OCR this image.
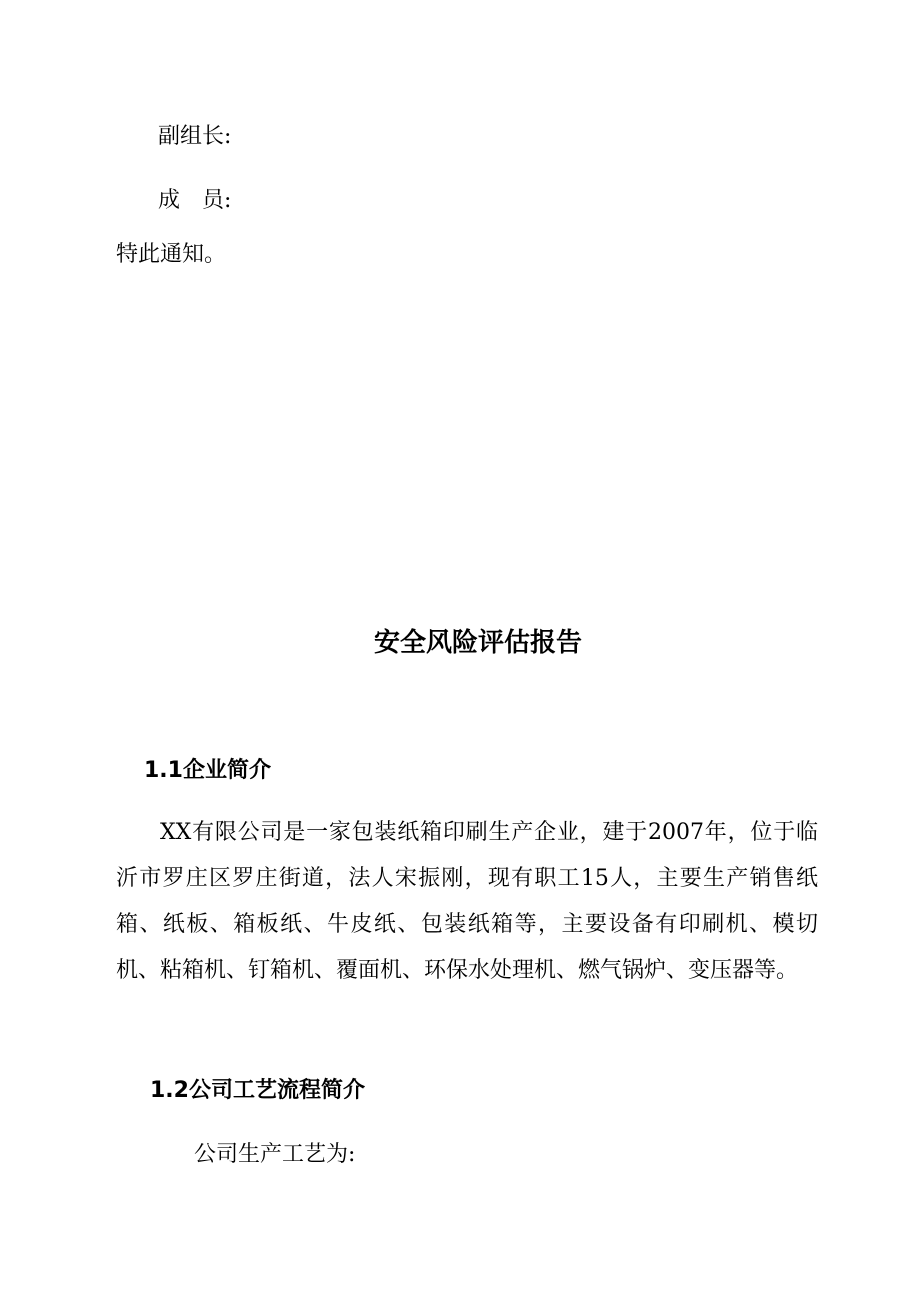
副组长:
成　员:
特此通知。
安全风险评估报告
1.1企业简介
XX有限公司是一家包装纸箱印刷生产企业，建于2007年，位于临沂市罗庄区罗庄街道，法人宋振刚，现有职工15人，主要生产销售纸箱、纸板、箱板纸、牛皮纸、包装纸箱等，主要设备有印刷机、模切机、粘箱机、钉箱机、覆面机、环保水处理机、燃气锅炉、变压器等。
1.2公司工艺流程简介
公司生产工艺为:
